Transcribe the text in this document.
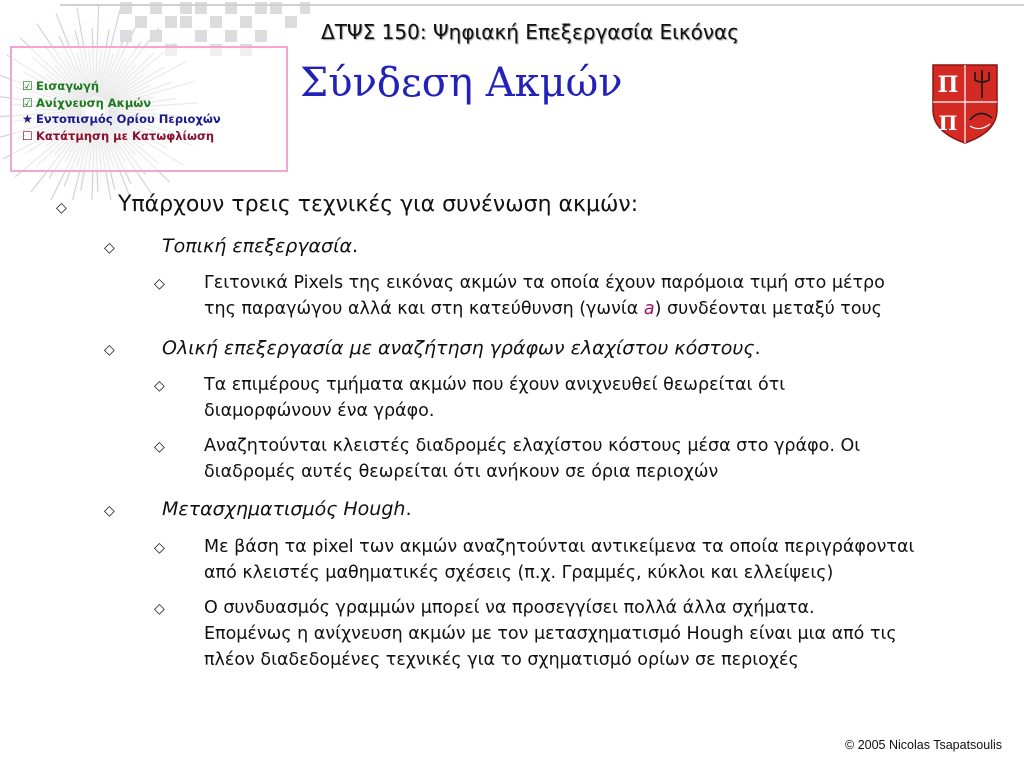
ΔΤΨΣ 150: Ψηφιακή Επεξεργασία Εικόνας
☑ Εισαγωγή
☑ Ανίχνευση Ακμών
★ Εντοπισμός Ορίου Περιοχών
☐ Κατάτμηση με Κατωφλίωση
Σύνδεση Ακμών	Π
Π
◇ Υπάρχουν τρεις τεχνικές για συνένωση ακμών:
◇ Τοπική επεξεργασία.
◇ Γειτονικά Pixels της εικόνας ακμών τα οποία έχουν παρόμοια τιμή στο μέτρο
της παραγώγου αλλά και στη κατεύθυνση (γωνία a) συνδέονται μεταξύ τους
◇ Ολική επεξεργασία με αναζήτηση γράφων ελαχίστου κόστους.
◇ Τα επιμέρους τμήματα ακμών που έχουν ανιχνευθεί θεωρείται ότι
διαμορφώνουν ένα γράφο.
◇ Αναζητούνται κλειστές διαδρομές ελαχίστου κόστους μέσα στο γράφο. Οι
διαδρομές αυτές θεωρείται ότι ανήκουν σε όρια περιοχών
◇ Μετασχηματισμός Hough.
◇ Με βάση τα pixel των ακμών αναζητούνται αντικείμενα τα οποία περιγράφονται
από κλειστές μαθηματικές σχέσεις (π.χ. Γραμμές, κύκλοι και ελλείψεις)
◇ Ο συνδυασμός γραμμών μπορεί να προσεγγίσει πολλά άλλα σχήματα.
Επομένως η ανίχνευση ακμών με τον μετασχηματισμό Hough είναι μια από τις
πλέον διαδεδομένες τεχνικές για το σχηματισμό ορίων σε περιοχές
© 2005 Nicolas Tsapatsoulis
